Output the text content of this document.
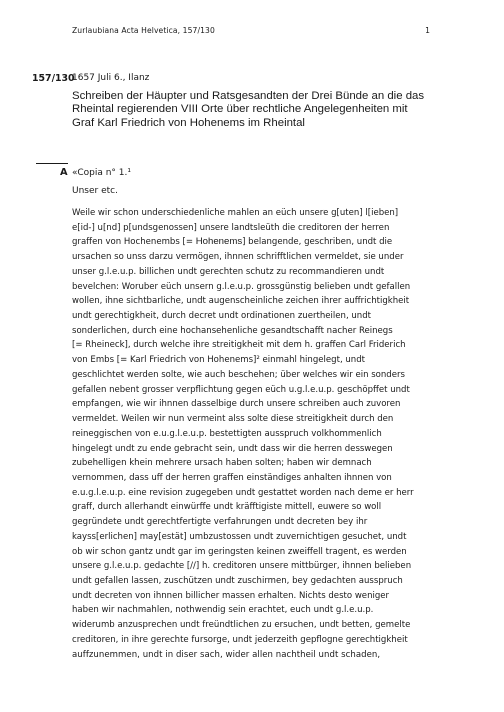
Zurlaubiana Acta Helvetica, 157/130	1
157/130
1657 Juli 6., Ilanz
Schreiben der Häupter und Ratsgesandten der Drei Bünde an die das Rheintal regierenden VIII Orte über rechtliche Angelegenheiten mit Graf Karl Friedrich von Hohenems im Rheintal
A «Copia n° 1.¹
Unser etc.
Weile wir schon underschiedenliche mahlen an eüch unsere g[uten] l[ieben]
e[id-] u[nd] p[undsgenossen] unsere landtsleüth die creditoren der herren
graffen von Hochenembs [= Hohenems] belangende, geschriben, undt die
ursachen so unss darzu vermögen, ihnnen schrifftlichen vermeldet, sie under
unser g.l.e.u.p. billichen undt gerechten schutz zu recommandieren undt
bevelchen: Woruber eüch unsern g.l.e.u.p. grossgünstig belieben undt gefallen
wollen, ihne sichtbarliche, undt augenscheinliche zeichen ihrer auffrichtigkheit
undt gerechtigkheit, durch decret undt ordinationen zuertheilen, undt
sonderlichen, durch eine hochansehenliche gesandtschafft nacher Reinegs
[= Rheineck], durch welche ihre streitigkheit mit dem h. graffen Carl Friderich
von Embs [= Karl Friedrich von Hohenems]² einmahl hingelegt, undt
geschlichtet werden solte, wie auch beschehen; über welches wir ein sonders
gefallen nebent grosser verpflichtung gegen eüch u.g.l.e.u.p. geschöpffet undt
empfangen, wie wir ihnnen dasselbige durch unsere schreiben auch zuvoren
vermeldet. Weilen wir nun vermeint alss solte diese streitigkheit durch den
reineggischen von e.u.g.l.e.u.p. bestettigten ausspruch volkhommenlich
hingelegt undt zu ende gebracht sein, undt dass wir die herren desswegen
zubehelligen khein mehrere ursach haben solten; haben wir demnach
vernommen, dass uff der herren graffen einständiges anhalten ihnnen von
e.u.g.l.e.u.p. eine revision zugegeben undt gestattet worden nach deme er herr
graff, durch allerhandt einwürffe undt kräfftigiste mittell, euwere so woll
gegründete undt gerechtfertigte verfahrungen undt decreten bey ihr
kayss[erlichen] may[estät] umbzustossen undt zuvernichtigen gesuchet, undt
ob wir schon gantz undt gar im geringsten keinen zweiffell tragent, es werden
unsere g.l.e.u.p. gedachte [//] h. creditoren unsere mittbürger, ihnnen belieben
undt gefallen lassen, zuschützen undt zuschirmen, bey gedachten ausspruch
undt decreten von ihnnen billicher massen erhalten. Nichts desto weniger
haben wir nachmahlen, nothwendig sein erachtet, euch undt g.l.e.u.p.
widerumb anzusprechen undt freündtlichen zu ersuchen, undt betten, gemelte
creditoren, in ihre gerechte fursorge, undt jederzeith gepflogne gerechtigkheit
auffzunemmen, undt in diser sach, wider allen nachtheil undt schaden,
